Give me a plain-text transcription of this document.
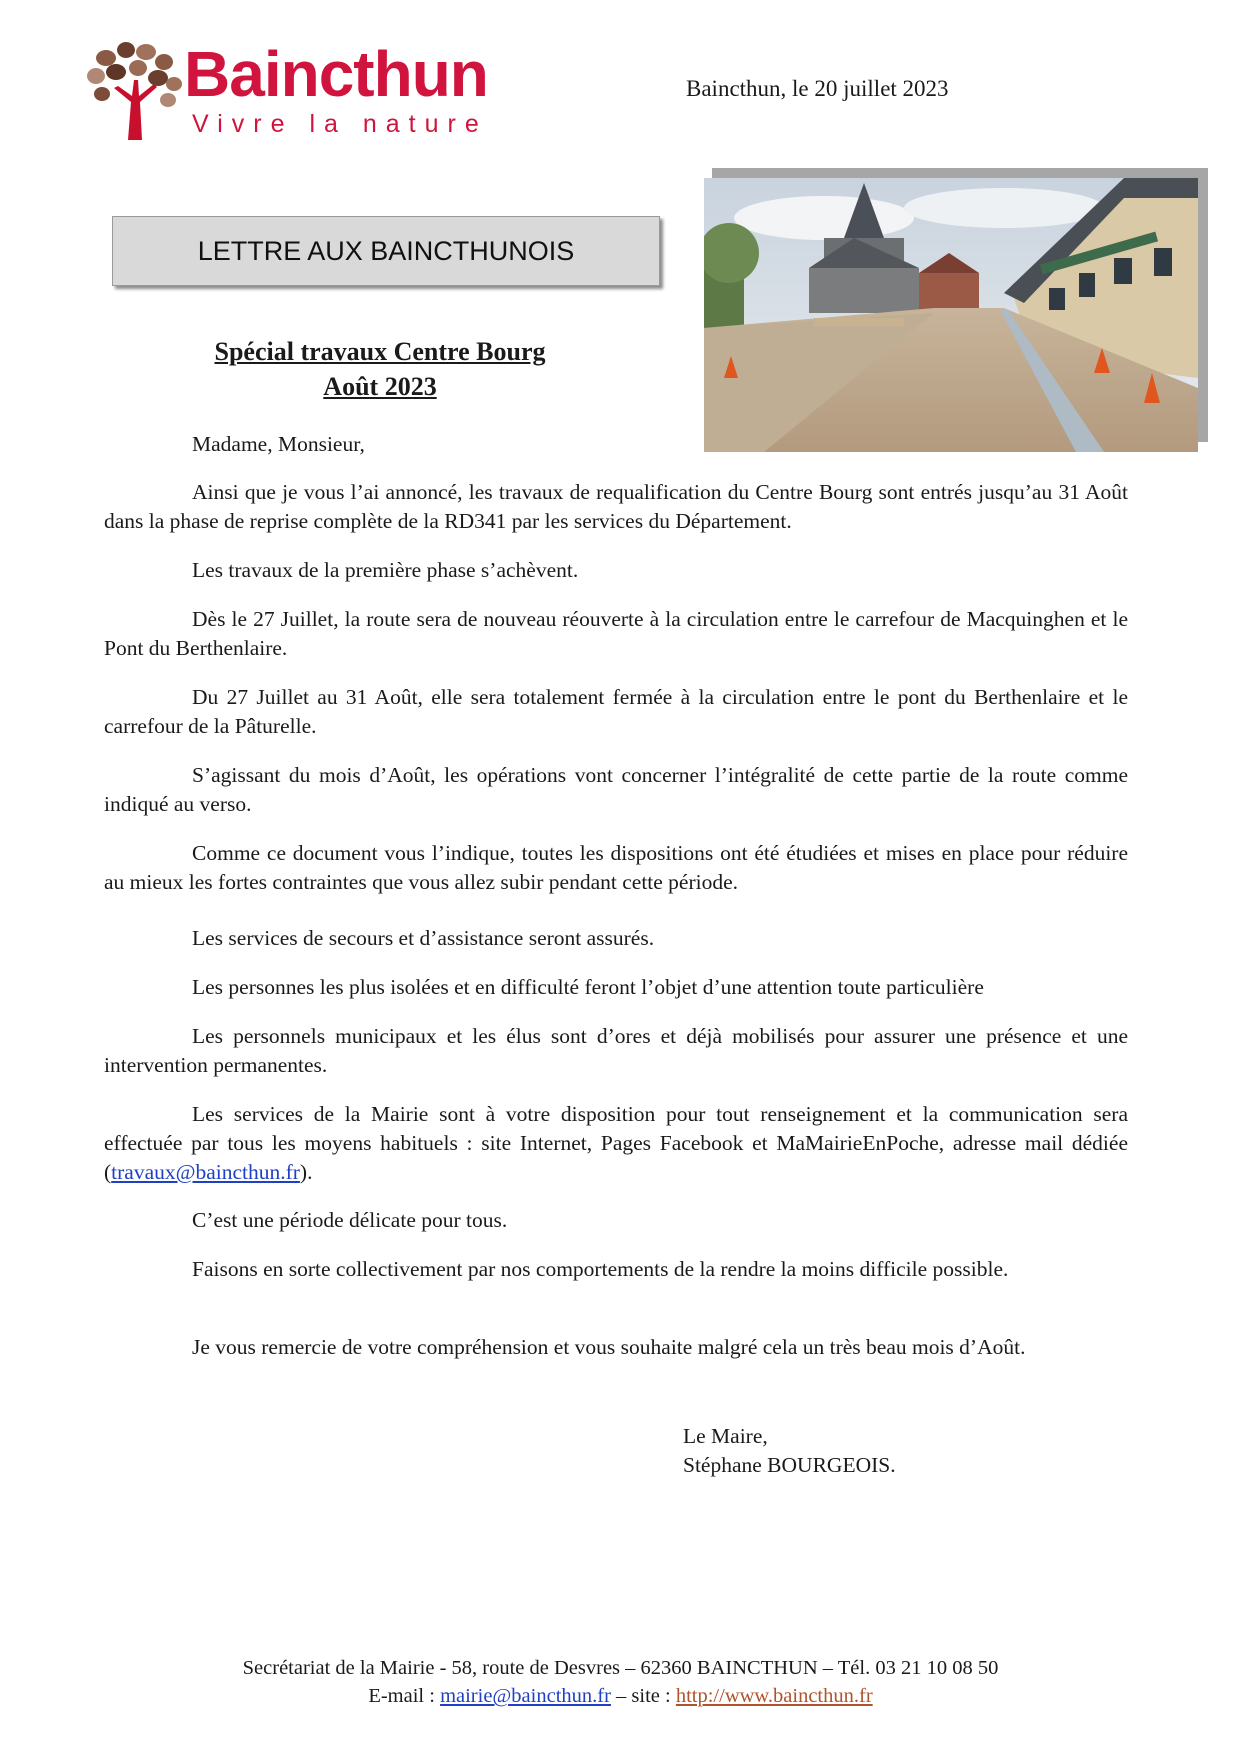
Baincthun
Vivre la nature
Baincthun, le 20 juillet 2023
LETTRE AUX BAINCTHUNOIS
Spécial travaux Centre Bourg
Août 2023
Madame, Monsieur,

Ainsi que je vous l’ai annoncé, les travaux de requalification du Centre Bourg sont entrés jusqu’au 31 Août dans la phase de reprise complète de la RD341 par les services du Département.

Les travaux de la première phase s’achèvent.

Dès le 27 Juillet, la route sera de nouveau réouverte à la circulation entre le carrefour de Macquinghen et le Pont du Berthenlaire.

Du 27 Juillet au 31 Août, elle sera totalement fermée à la circulation entre le pont du Berthenlaire et le carrefour de la Pâturelle.

S’agissant du mois d’Août, les opérations vont concerner l’intégralité de cette partie de la route comme indiqué au verso.

Comme ce document vous l’indique, toutes les dispositions ont été étudiées et mises en place pour réduire au mieux les fortes contraintes que vous allez subir pendant cette période.

Les services de secours et d’assistance seront assurés.

Les personnes les plus isolées et en difficulté feront l’objet d’une attention toute particulière

Les personnels municipaux et les élus sont d’ores et déjà mobilisés pour assurer une présence et une intervention permanentes.

Les services de la Mairie sont à votre disposition pour tout renseignement et la communication sera effectuée par tous les moyens habituels : site Internet, Pages Facebook et MaMairieEnPoche, adresse mail dédiée (travaux@baincthun.fr).

C’est une période délicate pour tous.

Faisons en sorte collectivement par nos comportements de la rendre la moins difficile possible.

Je vous remercie de votre compréhension et vous souhaite malgré cela un très beau mois d’Août.

Le Maire,
Stéphane BOURGEOIS.
Secrétariat de la Mairie - 58, route de Desvres – 62360 BAINCTHUN – Tél. 03 21 10 08 50
E-mail : mairie@baincthun.fr – site : http://www.baincthun.fr
